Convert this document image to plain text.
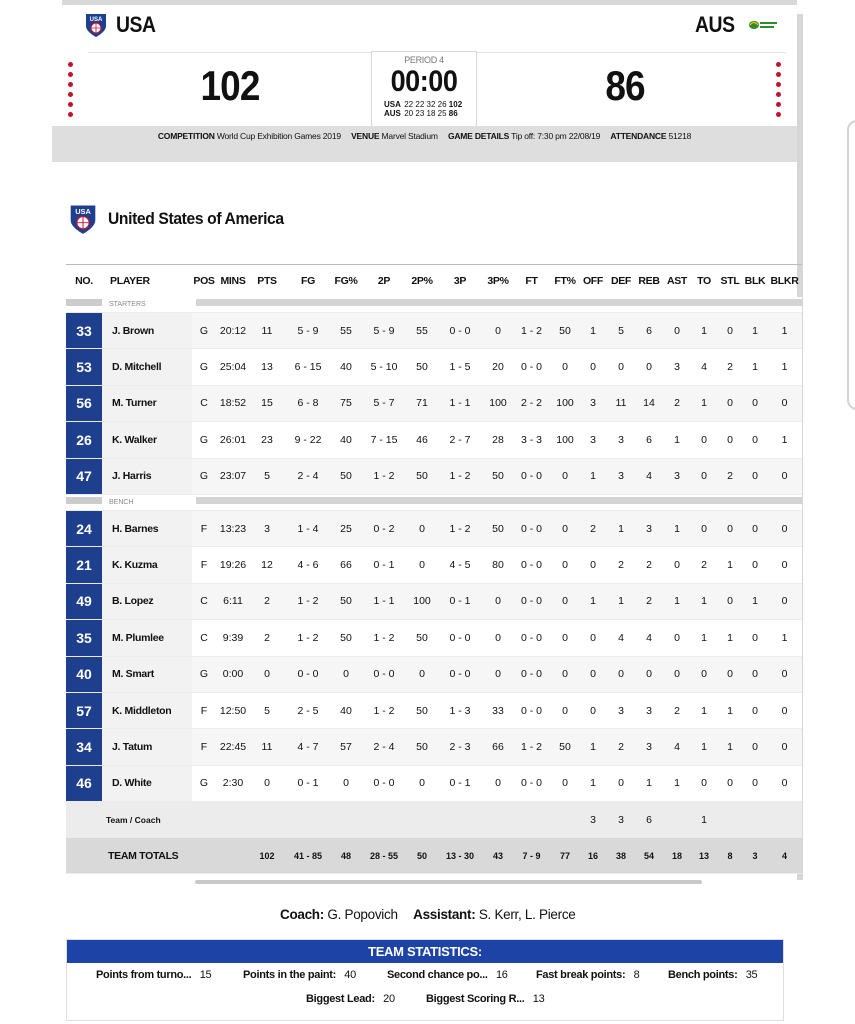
USA USA	AUS
102	86
PERIOD 4
00:00
USA 22 22 32 26 102
AUS 20 23 18 25 86
COMPETITION World Cup Exhibition Games 2019 VENUE Marvel Stadium GAME DETAILS Tip off: 7:30 pm 22/08/19 ATTENDANCE 51218
USA United States of America
NO.	PLAYER	POS	MINS	PTS	FG	FG%	2P	2P%	3P	3P%	FT	FT%	OFF	DEF	REB	AST	TO	STL	BLK	BLKR

STARTERS																				

33	J. Brown	G	20:12	11	5 - 9	55	5 - 9	55	0 - 0	0	1 - 2	50	1	5	6	0	1	0	1	1

53	D. Mitchell	G	25:04	13	6 - 15	40	5 - 10	50	1 - 5	20	0 - 0	0	0	0	0	3	4	2	1	1

56	M. Turner	C	18:52	15	6 - 8	75	5 - 7	71	1 - 1	100	2 - 2	100	3	11	14	2	1	0	0	0

26	K. Walker	G	26:01	23	9 - 22	40	7 - 15	46	2 - 7	28	3 - 3	100	3	3	6	1	0	0	0	1

47	J. Harris	G	23:07	5	2 - 4	50	1 - 2	50	1 - 2	50	0 - 0	0	1	3	4	3	0	2	0	0

BENCH																				

24	H. Barnes	F	13:23	3	1 - 4	25	0 - 2	0	1 - 2	50	0 - 0	0	2	1	3	1	0	0	0	0

21	K. Kuzma	F	19:26	12	4 - 6	66	0 - 1	0	4 - 5	80	0 - 0	0	0	2	2	0	2	1	0	0

49	B. Lopez	C	6:11	2	1 - 2	50	1 - 1	100	0 - 1	0	0 - 0	0	1	1	2	1	1	0	1	0

35	M. Plumlee	C	9:39	2	1 - 2	50	1 - 2	50	0 - 0	0	0 - 0	0	0	4	4	0	1	1	0	1

40	M. Smart	G	0:00	0	0 - 0	0	0 - 0	0	0 - 0	0	0 - 0	0	0	0	0	0	0	0	0	0

57	K. Middleton	F	12:50	5	2 - 5	40	1 - 2	50	1 - 3	33	0 - 0	0	0	3	3	2	1	1	0	0

34	J. Tatum	F	22:45	11	4 - 7	57	2 - 4	50	2 - 3	66	1 - 2	50	1	2	3	4	1	1	0	0

46	D. White	G	2:30	0	0 - 1	0	0 - 0	0	0 - 1	0	0 - 0	0	1	0	1	1	0	0	0	0
Team / Coach													3	3	6		1			
TEAM TOTALS				102	41 - 85	48	28 - 55	50	13 - 30	43	7 - 9	77	16	38	54	18	13	8	3	4
Coach: G. Popovich Assistant: S. Kerr, L. Pierce
TEAM STATISTICS:
Points from turno... 15	Points in the paint: 40	Second chance po... 16	Fast break points: 8	Bench points: 35
Biggest Lead: 20	Biggest Scoring R... 13
